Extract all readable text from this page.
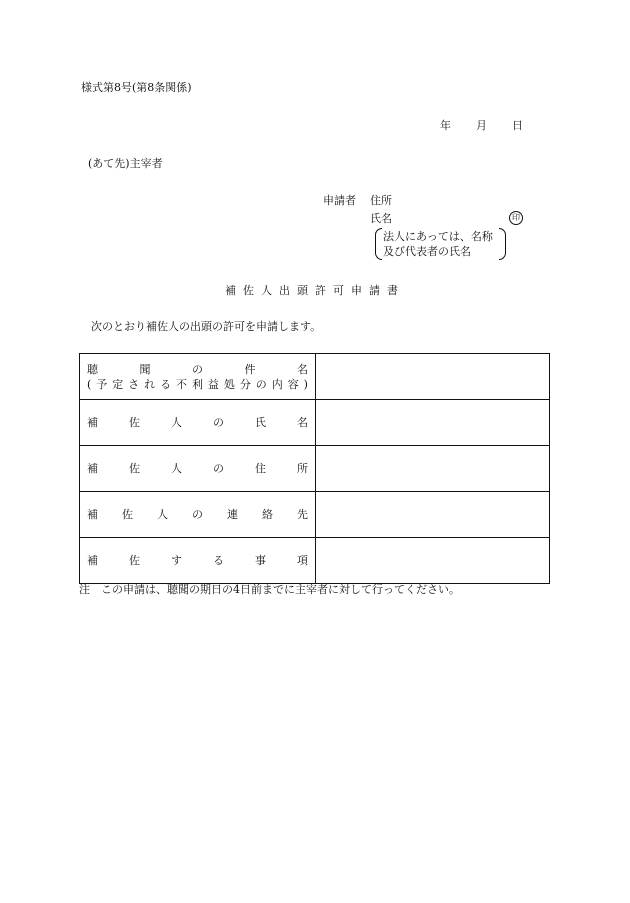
様式第8号(第8条関係)
年 月 日
(あて先)主宰者
申請者 住所
氏名	印
法人にあっては、名称
及び代表者の氏名
補佐人出頭許可申請書
次のとおり補佐人の出頭の許可を申請します。
聴	聞	の	件	名
( 予 定 さ れ る 不 利 益 処 分 の 内 容 )
補	佐	人	の	氏	名
補	佐	人	の	住	所
補 佐 人 の 連 絡 先
補	佐	す	る	事	項
注　この申請は、聴聞の期日の4日前までに主宰者に対して行ってください。
